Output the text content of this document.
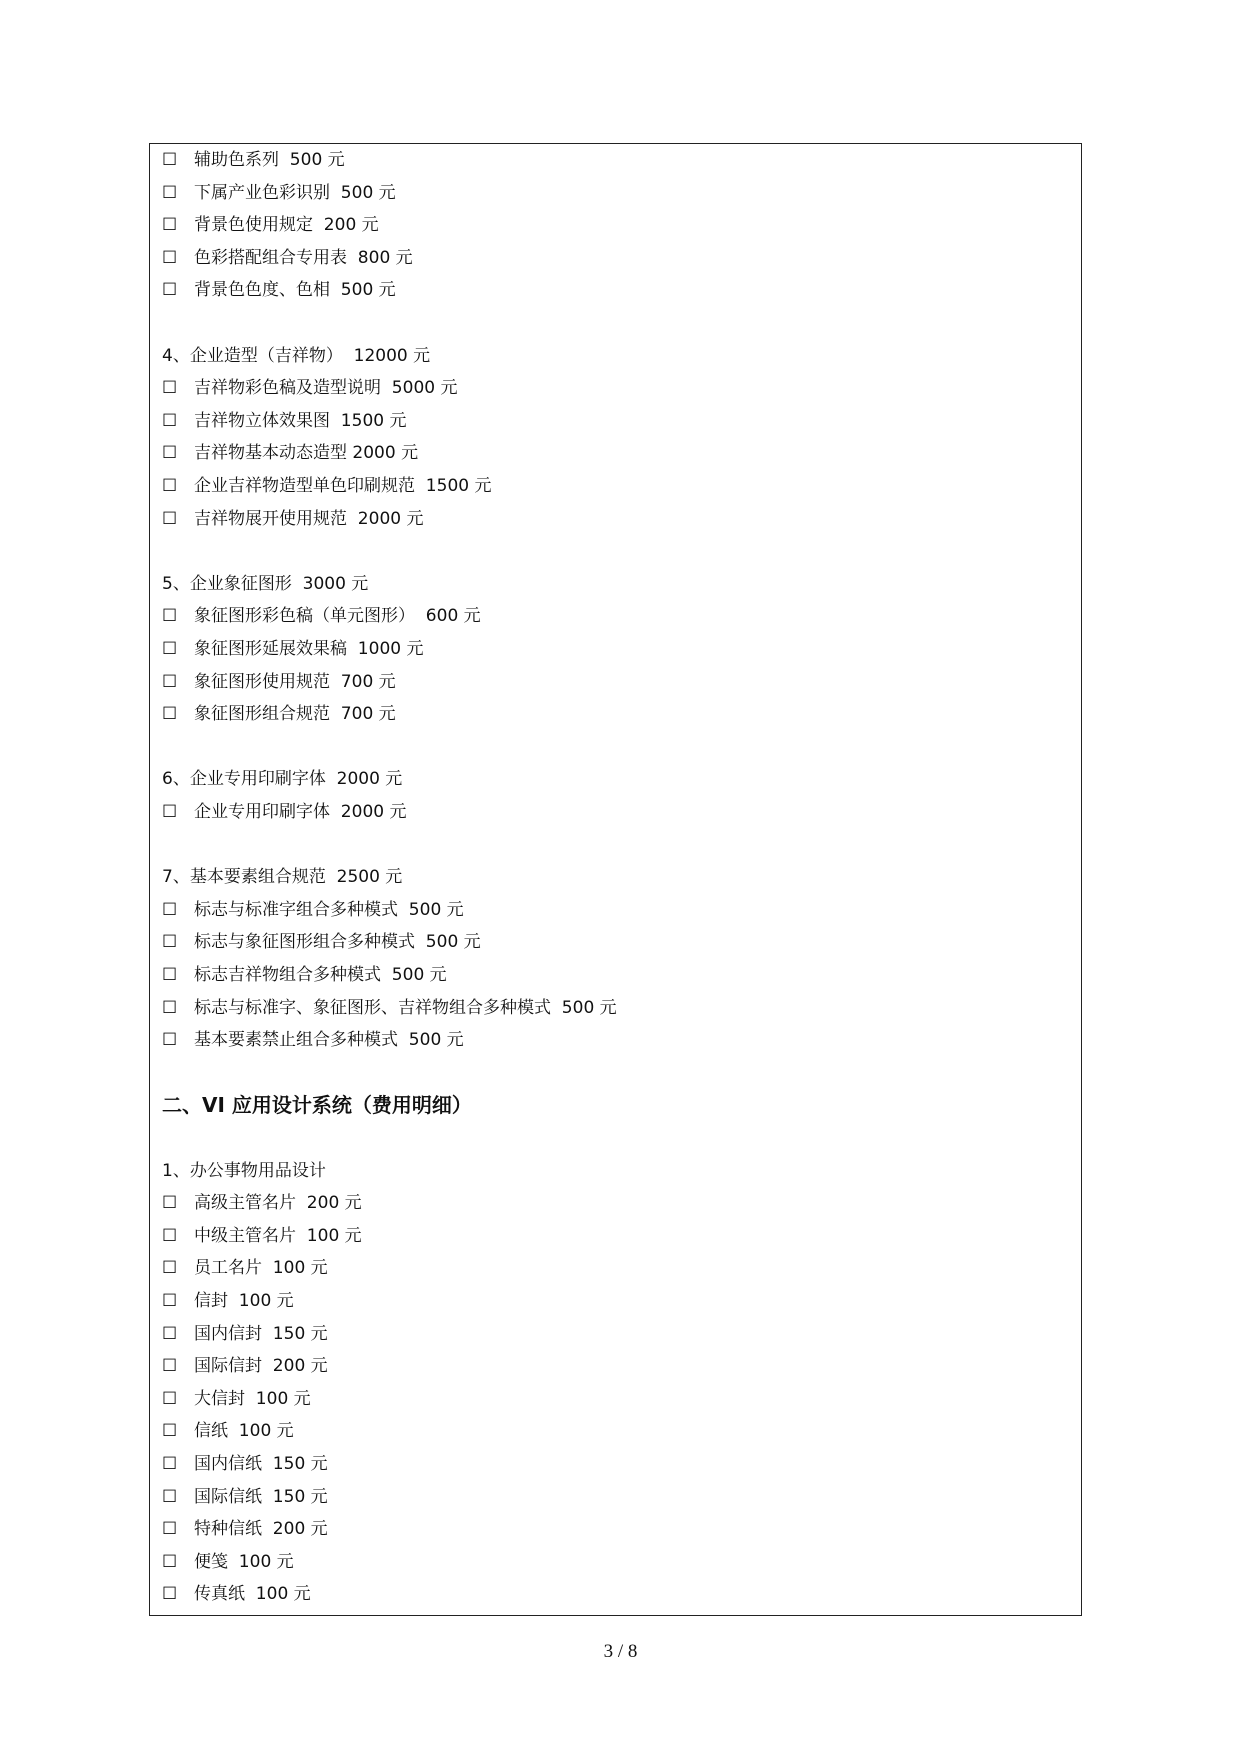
☐ 辅助色系列  500 元
☐ 下属产业色彩识别  500 元
☐ 背景色使用规定  200 元
☐ 色彩搭配组合专用表  800 元
☐ 背景色色度、色相  500 元
4、企业造型（吉祥物）  12000 元
☐ 吉祥物彩色稿及造型说明  5000 元
☐ 吉祥物立体效果图  1500 元
☐ 吉祥物基本动态造型 2000 元
☐ 企业吉祥物造型单色印刷规范  1500 元
☐ 吉祥物展开使用规范  2000 元
5、企业象征图形  3000 元
☐ 象征图形彩色稿（单元图形）  600 元
☐ 象征图形延展效果稿  1000 元
☐ 象征图形使用规范  700 元
☐ 象征图形组合规范  700 元
6、企业专用印刷字体  2000 元
☐ 企业专用印刷字体  2000 元
7、基本要素组合规范  2500 元
☐ 标志与标准字组合多种模式  500 元
☐ 标志与象征图形组合多种模式  500 元
☐ 标志吉祥物组合多种模式  500 元
☐ 标志与标准字、象征图形、吉祥物组合多种模式  500 元
☐ 基本要素禁止组合多种模式  500 元
二、VI 应用设计系统（费用明细）
1、办公事物用品设计
☐ 高级主管名片  200 元
☐ 中级主管名片  100 元
☐ 员工名片  100 元
☐ 信封  100 元
☐ 国内信封  150 元
☐ 国际信封  200 元
☐ 大信封  100 元
☐ 信纸  100 元
☐ 国内信纸  150 元
☐ 国际信纸  150 元
☐ 特种信纸  200 元
☐ 便笺  100 元
☐ 传真纸  100 元
3 / 8
